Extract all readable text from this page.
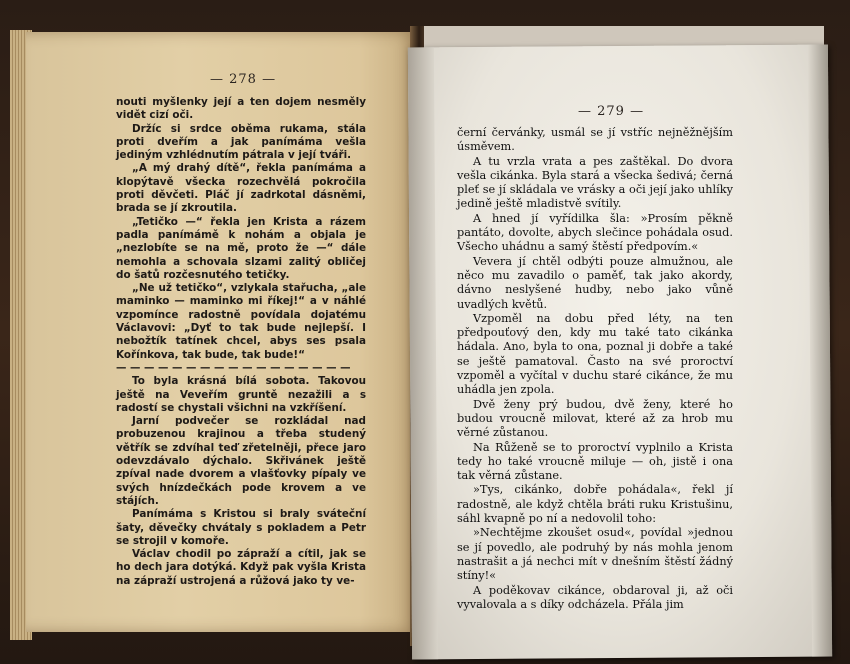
— 278 —

nouti myšlenky její a ten dojem nesměly vidět cizí oči.

Držíc si srdce oběma rukama, stála proti dveřím a jak panímáma vešla jediným vzhlédnutím pátrala v její tváři.

„A mý drahý dítě“, řekla panímáma a klopýtavě všecka rozechvělá pokročila proti děvčeti. Pláč jí zadrkotal dásněmi, brada se jí zkroutila.

„Tetičko —“ řekla jen Krista a rázem padla panímámě k nohám a objala je „nezlobíte se na mě, proto že —“ dále nemohla a schovala slzami zalitý obličej do šatů rozčesnutého tetičky.

„Ne už tetičko“, vzlykala stařucha, „ale maminko — maminko mi říkej!“ a v náhlé vzpomínce radostně povídala dojatému Václavovi: „Dyť to tak bude nejlepší. I nebožtík tatínek chcel, abys ses psala Kořínkova, tak bude, tak bude!“

— — — — — — — — — — — — — — — — —

To byla krásná bílá sobota. Takovou ještě na Veveřím gruntě nezažili a s radostí se chystali všichni na vzkříšení.

Jarní podvečer se rozkládal nad probuzenou krajinou a třeba studený větřík se zdvíhal teď zřetelněji, přece jaro odevzdávalo dýchalo. Skřivánek ještě zpíval nade dvorem a vlašťovky pípaly ve svých hnízdečkách pode krovem a ve stájích.

Panímáma s Kristou si braly sváteční šaty, děvečky chvátaly s pokladem a Petr se strojil v komoře.

Václav chodil po zápraží a cítil, jak se ho dech jara dotýká. Když pak vyšla Krista na zápraží ustrojená a růžová jako ty ve-

— 279 —

černí červánky, usmál se jí vstříc nejněžnějším úsměvem.

A tu vrzla vrata a pes zaštěkal. Do dvora vešla cikánka. Byla stará a všecka šedivá; černá pleť se jí skládala ve vrásky a oči její jako uhlíky jedině ještě mladistvě svítily.

A hned jí vyřídilka šla: »Prosím pěkně pantáto, dovolte, abych slečince pohádala osud. Všecho uhádnu a samý štěstí předpovím.«

Vevera jí chtěl odbýti pouze almužnou, ale něco mu zavadilo o paměť, tak jako akordy, dávno neslyšené hudby, nebo jako vůně uvadlých květů.

Vzpoměl na dobu před léty, na ten předpouťový den, kdy mu také tato cikánka hádala. Ano, byla to ona, poznal ji dobře a také se ještě pamatoval. Často na své proroctví vzpoměl a vyčítal v duchu staré cikánce, že mu uhádla jen zpola.

Dvě ženy prý budou, dvě ženy, které ho budou vroucně milovat, které až za hrob mu věrné zůstanou.

Na Růženě se to proroctví vyplnilo a Krista tedy ho také vroucně miluje — oh, jistě i ona tak věrná zůstane.

»Tys, cikánko, dobře pohádala«, řekl jí radostně, ale když chtěla bráti ruku Kristušinu, sáhl kvapně po ní a nedovolil toho:

»Nechtějme zkoušet osud«, povídal »jednou se jí povedlo, ale podruhý by nás mohla jenom nastrašit a já nechci mít v dnešním štěstí žádný stíny!«

A poděkovav cikánce, obdaroval ji, až oči vyvalovala a s díky odcházela. Přála jim
